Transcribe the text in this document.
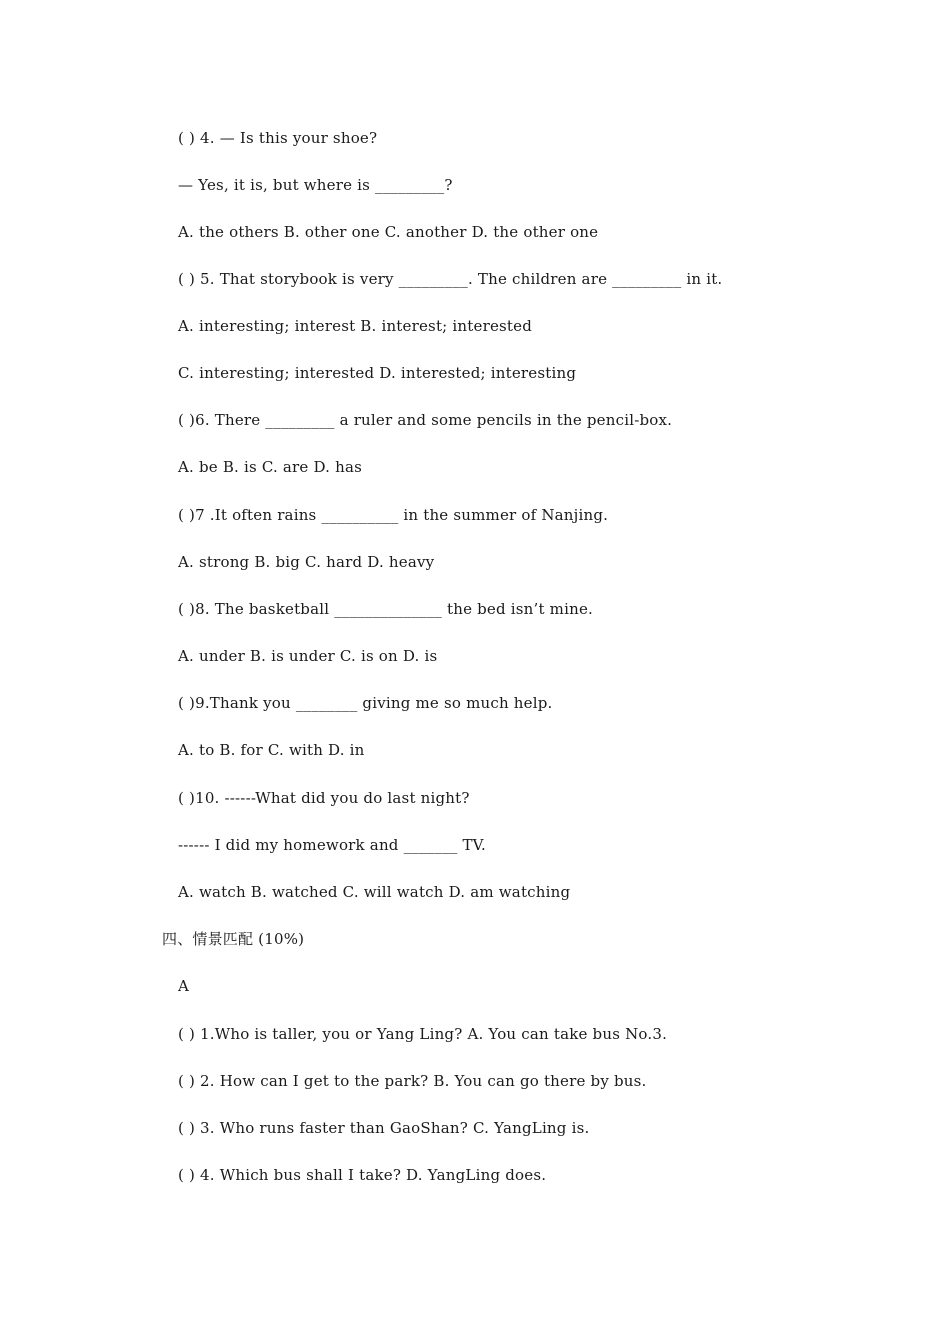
( ) 4. — Is this your shoe?
— Yes, it is, but where is _________?
A. the others B. other one C. another D. the other one
( ) 5. That storybook is very _________. The children are _________ in it.
A. interesting; interest B. interest; interested
C. interesting; interested D. interested; interesting
( )6. There _________ a ruler and some pencils in the pencil-box.
A. be B. is C. are D. has
( )7 .It often rains __________ in the summer of Nanjing.
A. strong B. big C. hard D. heavy
( )8. The basketball ______________ the bed isn’t mine.
A. under B. is under C. is on D. is
( )9.Thank you ________ giving me so much help.
A. to B. for C. with D. in
( )10. ------What did you do last night?
------ I did my homework and _______ TV.
A. watch B. watched C. will watch D. am watching
四、情景匹配 (10%)
A
( ) 1.Who is taller, you or Yang Ling? A. You can take bus No.3.
( ) 2. How can I get to the park? B. You can go there by bus.
( ) 3. Who runs faster than GaoShan? C. YangLing is.
( ) 4. Which bus shall I take? D. YangLing does.
